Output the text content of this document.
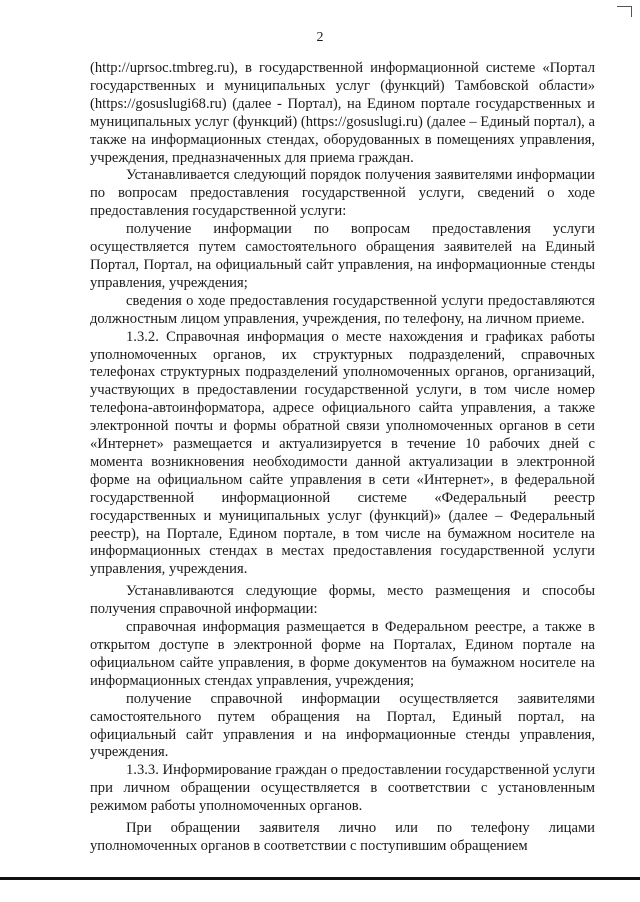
2

(http://uprsoc.tmbreg.ru), в государственной информационной системе «Портал государственных и муниципальных услуг (функций) Тамбовской области» (https://gosuslugi68.ru) (далее - Портал), на Едином портале государственных и муниципальных услуг (функций) (https://gosuslugi.ru) (далее – Единый портал), а также на информационных стендах, оборудованных в помещениях управления, учреждения, предназначенных для приема граждан.

Устанавливается следующий порядок получения заявителями информации по вопросам предоставления государственной услуги, сведений о ходе предоставления государственной услуги:

получение информации по вопросам предоставления услуги осуществляется путем самостоятельного обращения заявителей на Единый Портал, Портал, на официальный сайт управления, на информационные стенды управления, учреждения;

сведения о ходе предоставления государственной услуги предоставляются должностным лицом управления, учреждения, по телефону, на личном приеме.

1.3.2. Справочная информация о месте нахождения и графиках работы уполномоченных органов, их структурных подразделений, справочных телефонах структурных подразделений уполномоченных органов, организаций, участвующих в предоставлении государственной услуги, в том числе номер телефона-автоинформатора, адресе официального сайта управления, а также электронной почты и формы обратной связи уполномоченных органов в сети «Интернет» размещается и актуализируется в течение 10 рабочих дней с момента возникновения необходимости данной актуализации в электронной форме на официальном сайте управления в сети «Интернет», в федеральной государственной информационной системе «Федеральный реестр государственных и муниципальных услуг (функций)» (далее – Федеральный реестр), на Портале, Едином портале, в том числе на бумажном носителе на информационных стендах в местах предоставления государственной услуги управления, учреждения.

Устанавливаются следующие формы, место размещения и способы получения справочной информации:

справочная информация размещается в Федеральном реестре, а также в открытом доступе в электронной форме на Порталах, Едином портале на официальном сайте управления, в форме документов на бумажном носителе на информационных стендах управления, учреждения;

получение справочной информации осуществляется заявителями самостоятельного путем обращения на Портал, Единый портал, на официальный сайт управления и на информационные стенды управления, учреждения.

1.3.3. Информирование граждан о предоставлении государственной услуги при личном обращении осуществляется в соответствии с установленным режимом работы уполномоченных органов.

При обращении заявителя лично или по телефону лицами уполномоченных органов в соответствии с поступившим обращением
